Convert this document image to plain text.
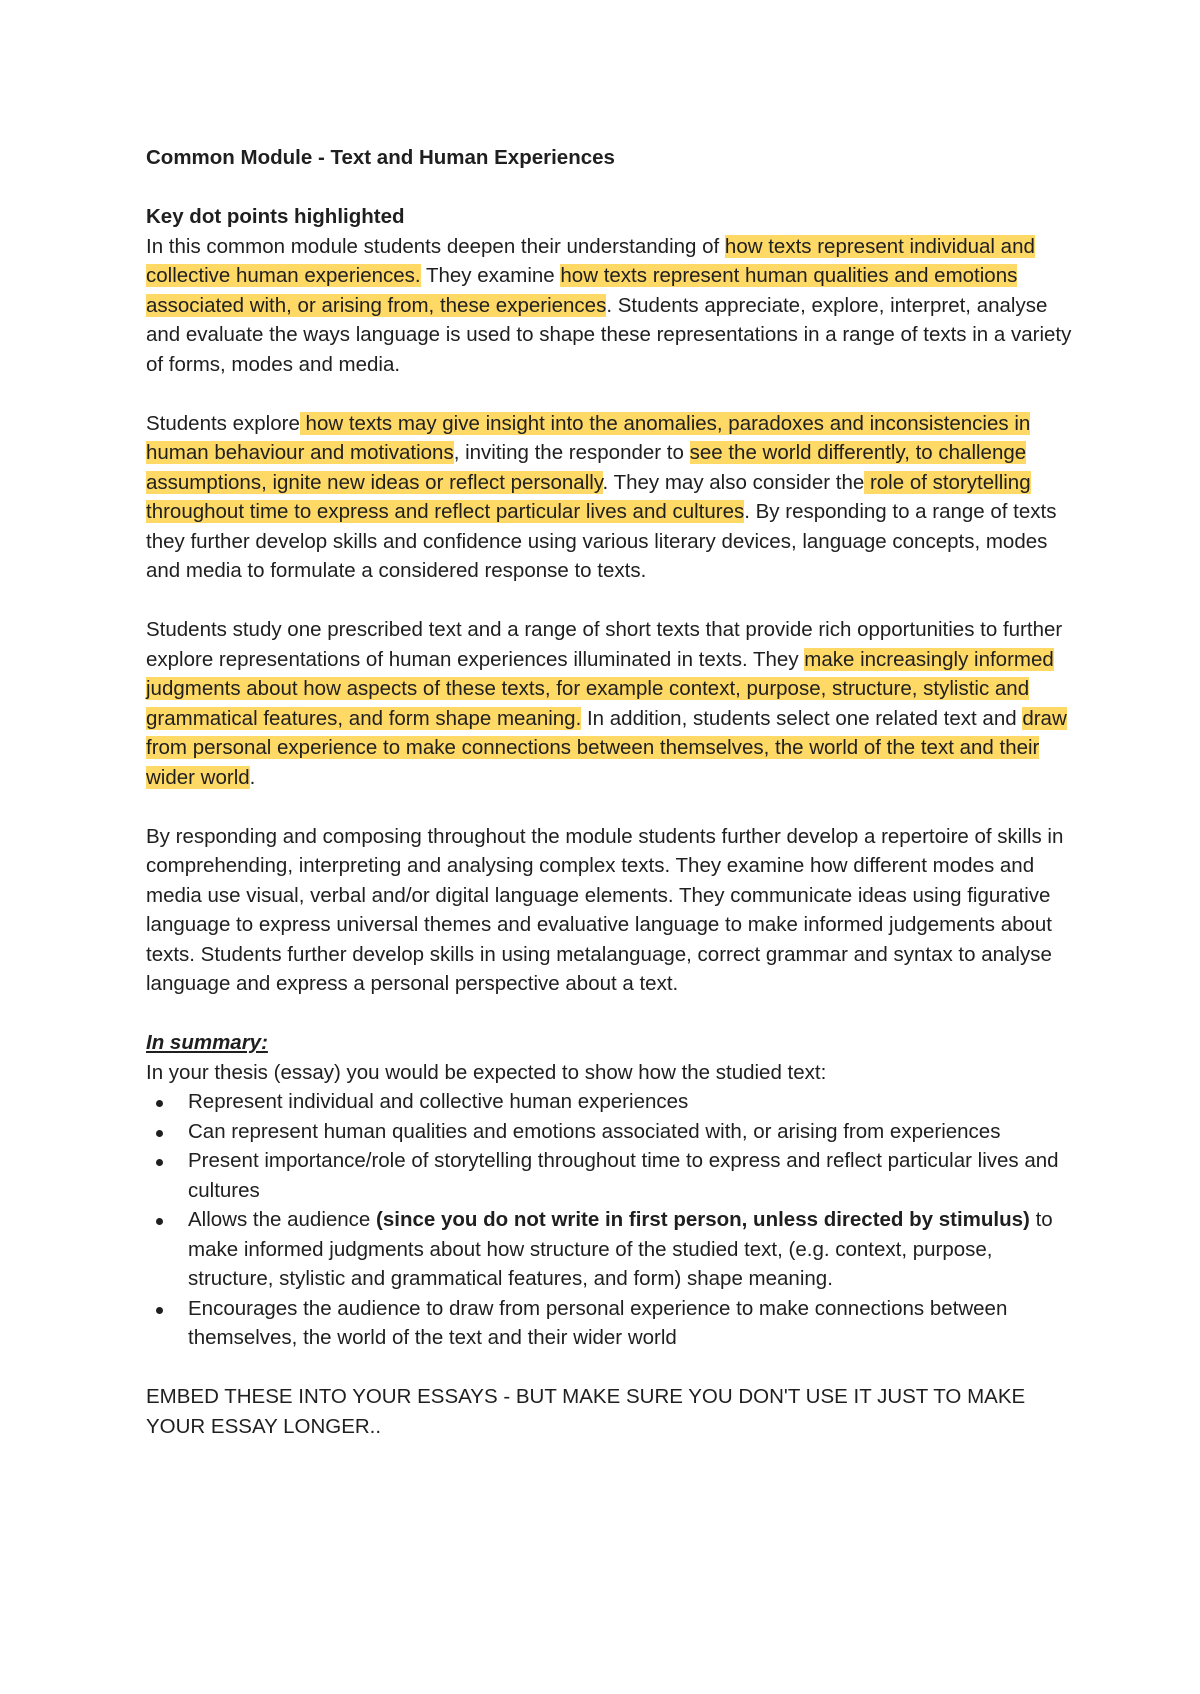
Common Module - Text and Human Experiences

Key dot points highlighted

In this common module students deepen their understanding of how texts represent individual and collective human experiences. They examine how texts represent human qualities and emotions associated with, or arising from, these experiences. Students appreciate, explore, interpret, analyse and evaluate the ways language is used to shape these representations in a range of texts in a variety of forms, modes and media.

Students explore how texts may give insight into the anomalies, paradoxes and inconsistencies in human behaviour and motivations, inviting the responder to see the world differently, to challenge assumptions, ignite new ideas or reflect personally. They may also consider the role of storytelling throughout time to express and reflect particular lives and cultures. By responding to a range of texts they further develop skills and confidence using various literary devices, language concepts, modes and media to formulate a considered response to texts.

Students study one prescribed text and a range of short texts that provide rich opportunities to further explore representations of human experiences illuminated in texts. They make increasingly informed judgments about how aspects of these texts, for example context, purpose, structure, stylistic and grammatical features, and form shape meaning. In addition, students select one related text and draw from personal experience to make connections between themselves, the world of the text and their wider world.

By responding and composing throughout the module students further develop a repertoire of skills in comprehending, interpreting and analysing complex texts. They examine how different modes and media use visual, verbal and/or digital language elements. They communicate ideas using figurative language to express universal themes and evaluative language to make informed judgements about texts. Students further develop skills in using metalanguage, correct grammar and syntax to analyse language and express a personal perspective about a text.

In summary:

In your thesis (essay) you would be expected to show how the studied text:

Represent individual and collective human experiences
Can represent human qualities and emotions associated with, or arising from experiences
Present importance/role of storytelling throughout time to express and reflect particular lives and cultures
Allows the audience (since you do not write in first person, unless directed by stimulus) to make informed judgments about how structure of the studied text, (e.g. context, purpose, structure, stylistic and grammatical features, and form) shape meaning.
Encourages the audience to draw from personal experience to make connections between themselves, the world of the text and their wider world

EMBED THESE INTO YOUR ESSAYS - BUT MAKE SURE YOU DON'T USE IT JUST TO MAKE YOUR ESSAY LONGER..
